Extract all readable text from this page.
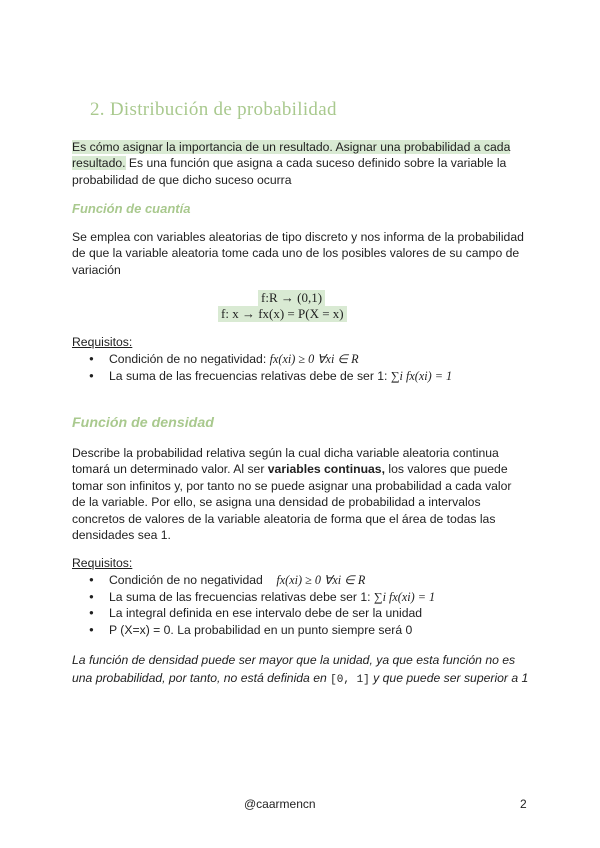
2. Distribución de probabilidad

Es cómo asignar la importancia de un resultado. Asignar una probabilidad a cada resultado. Es una función que asigna a cada suceso definido sobre la variable la probabilidad de que dicho suceso ocurra

Función de cuantía

Se emplea con variables aleatorias de tipo discreto y nos informa de la probabilidad de que la variable aleatoria tome cada uno de los posibles valores de su campo de variación

f:R → (0,1)
f: x → fx(x) = P(X = x)

Requisitos:

● Condición de no negatividad: fx(xi) ≥ 0 ∀xi ∈ R
● La suma de las frecuencias relativas debe de ser 1: ∑i fx(xi) = 1
Función de densidad

Describe la probabilidad relativa según la cual dicha variable aleatoria continua tomará un determinado valor. Al ser variables continuas, los valores que puede tomar son infinitos y, por tanto no se puede asignar una probabilidad a cada valor de la variable. Por ello, se asigna una densidad de probabilidad a intervalos concretos de valores de la variable aleatoria de forma que el área de todas las densidades sea 1.

Requisitos:

● Condición de no negatividad fx(xi) ≥ 0 ∀xi ∈ R
● La suma de las frecuencias relativas debe ser 1: ∑i fx(xi) = 1
● La integral definida en ese intervalo debe de ser la unidad
● P (X=x) = 0. La probabilidad en un punto siempre será 0

La función de densidad puede ser mayor que la unidad, ya que esta función no es una probabilidad, por tanto, no está definida en [0, 1] y que puede ser superior a 1

@caarmencn	2
